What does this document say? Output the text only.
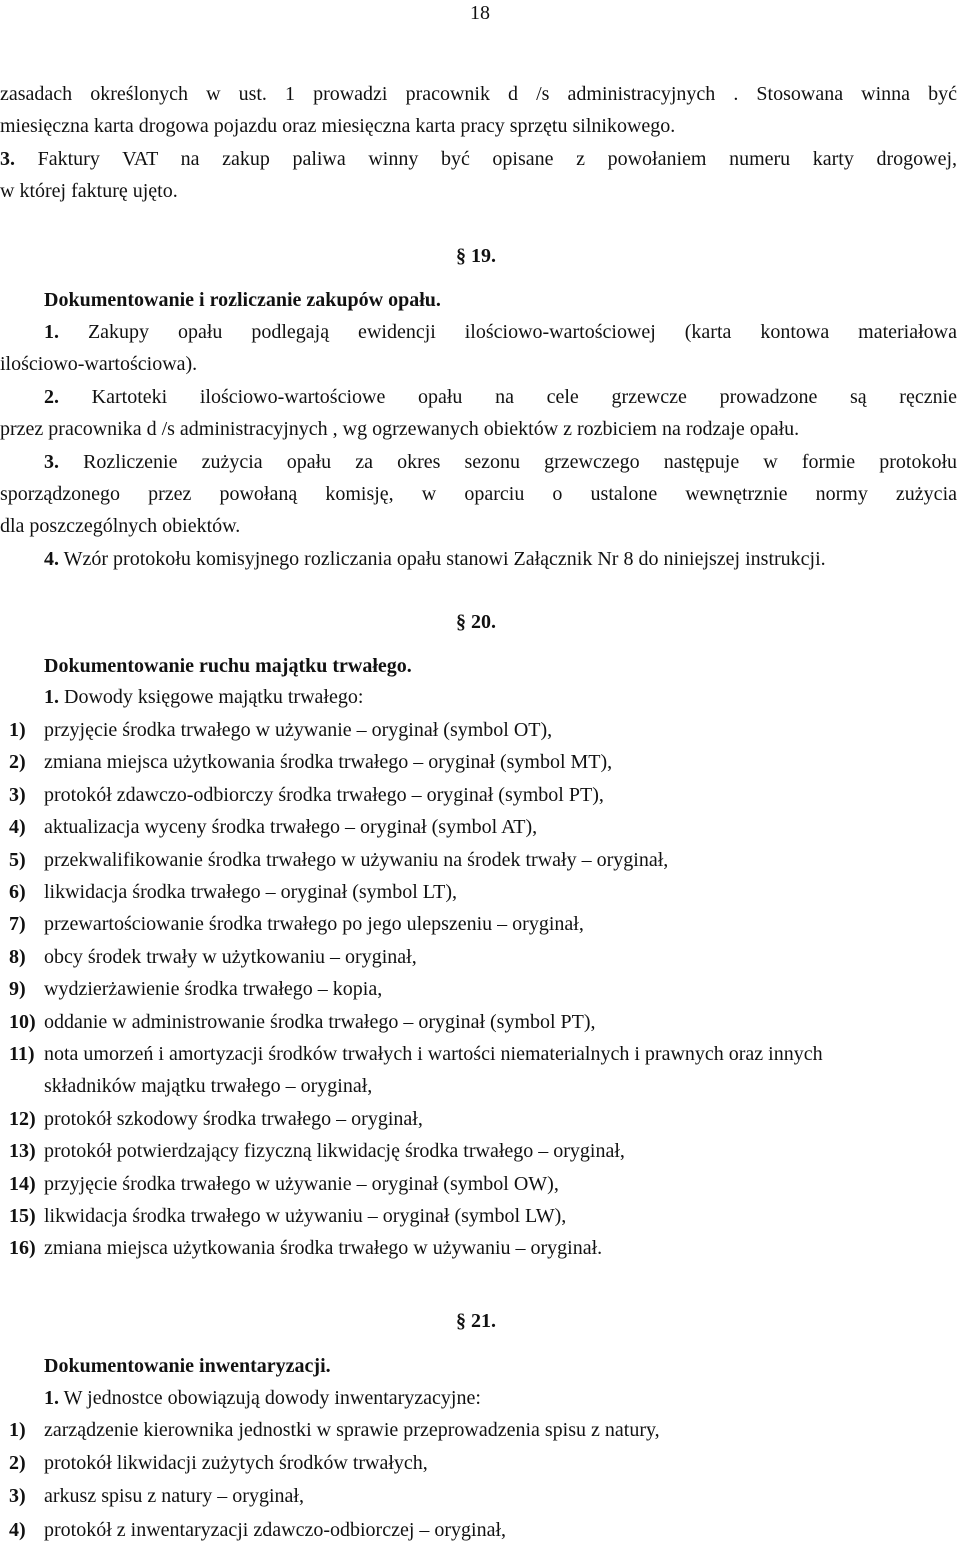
18
zasadach określonych w ust. 1 prowadzi pracownik d /s administracyjnych . Stosowana winna być
miesięczna karta drogowa pojazdu oraz miesięczna karta pracy sprzętu silnikowego.
3. Faktury VAT na zakup paliwa winny być opisane z powołaniem numeru karty drogowej,
w której fakturę ujęto.
§ 19.
Dokumentowanie i rozliczanie zakupów opału.
1. Zakupy opału podlegają ewidencji ilościowo-wartościowej (karta kontowa materiałowa
ilościowo-wartościowa).
2. Kartoteki ilościowo-wartościowe opału na cele grzewcze prowadzone są ręcznie
przez pracownika d /s administracyjnych , wg ogrzewanych obiektów z rozbiciem na rodzaje opału.
3. Rozliczenie zużycia opału za okres sezonu grzewczego następuje w formie protokołu
sporządzonego przez powołaną komisję, w oparciu o ustalone wewnętrznie normy zużycia
dla poszczególnych obiektów.
4. Wzór protokołu komisyjnego rozliczania opału stanowi Załącznik Nr 8 do niniejszej instrukcji.
§ 20.
Dokumentowanie ruchu majątku trwałego.
1. Dowody księgowe majątku trwałego:
1) przyjęcie środka trwałego w używanie – oryginał (symbol OT),
2) zmiana miejsca użytkowania środka trwałego – oryginał (symbol MT),
3) protokół zdawczo-odbiorczy środka trwałego – oryginał (symbol PT),
4) aktualizacja wyceny środka trwałego – oryginał (symbol AT),
5) przekwalifikowanie środka trwałego w używaniu na środek trwały – oryginał,
6) likwidacja środka trwałego – oryginał (symbol LT),
7) przewartościowanie środka trwałego po jego ulepszeniu – oryginał,
8) obcy środek trwały w użytkowaniu – oryginał,
9) wydzierżawienie środka trwałego – kopia,
10) oddanie w administrowanie środka trwałego – oryginał (symbol PT),
11) nota umorzeń i amortyzacji środków trwałych i wartości niematerialnych i prawnych oraz innych
składników majątku trwałego – oryginał,
12) protokół szkodowy środka trwałego – oryginał,
13) protokół potwierdzający fizyczną likwidację środka trwałego – oryginał,
14) przyjęcie środka trwałego w używanie – oryginał (symbol OW),
15) likwidacja środka trwałego w używaniu – oryginał (symbol LW),
16) zmiana miejsca użytkowania środka trwałego w używaniu – oryginał.
§ 21.
Dokumentowanie inwentaryzacji.
1. W jednostce obowiązują dowody inwentaryzacyjne:
1) zarządzenie kierownika jednostki w sprawie przeprowadzenia spisu z natury,
2) protokół likwidacji zużytych środków trwałych,
3) arkusz spisu z natury – oryginał,
4) protokół z inwentaryzacji zdawczo-odbiorczej – oryginał,
